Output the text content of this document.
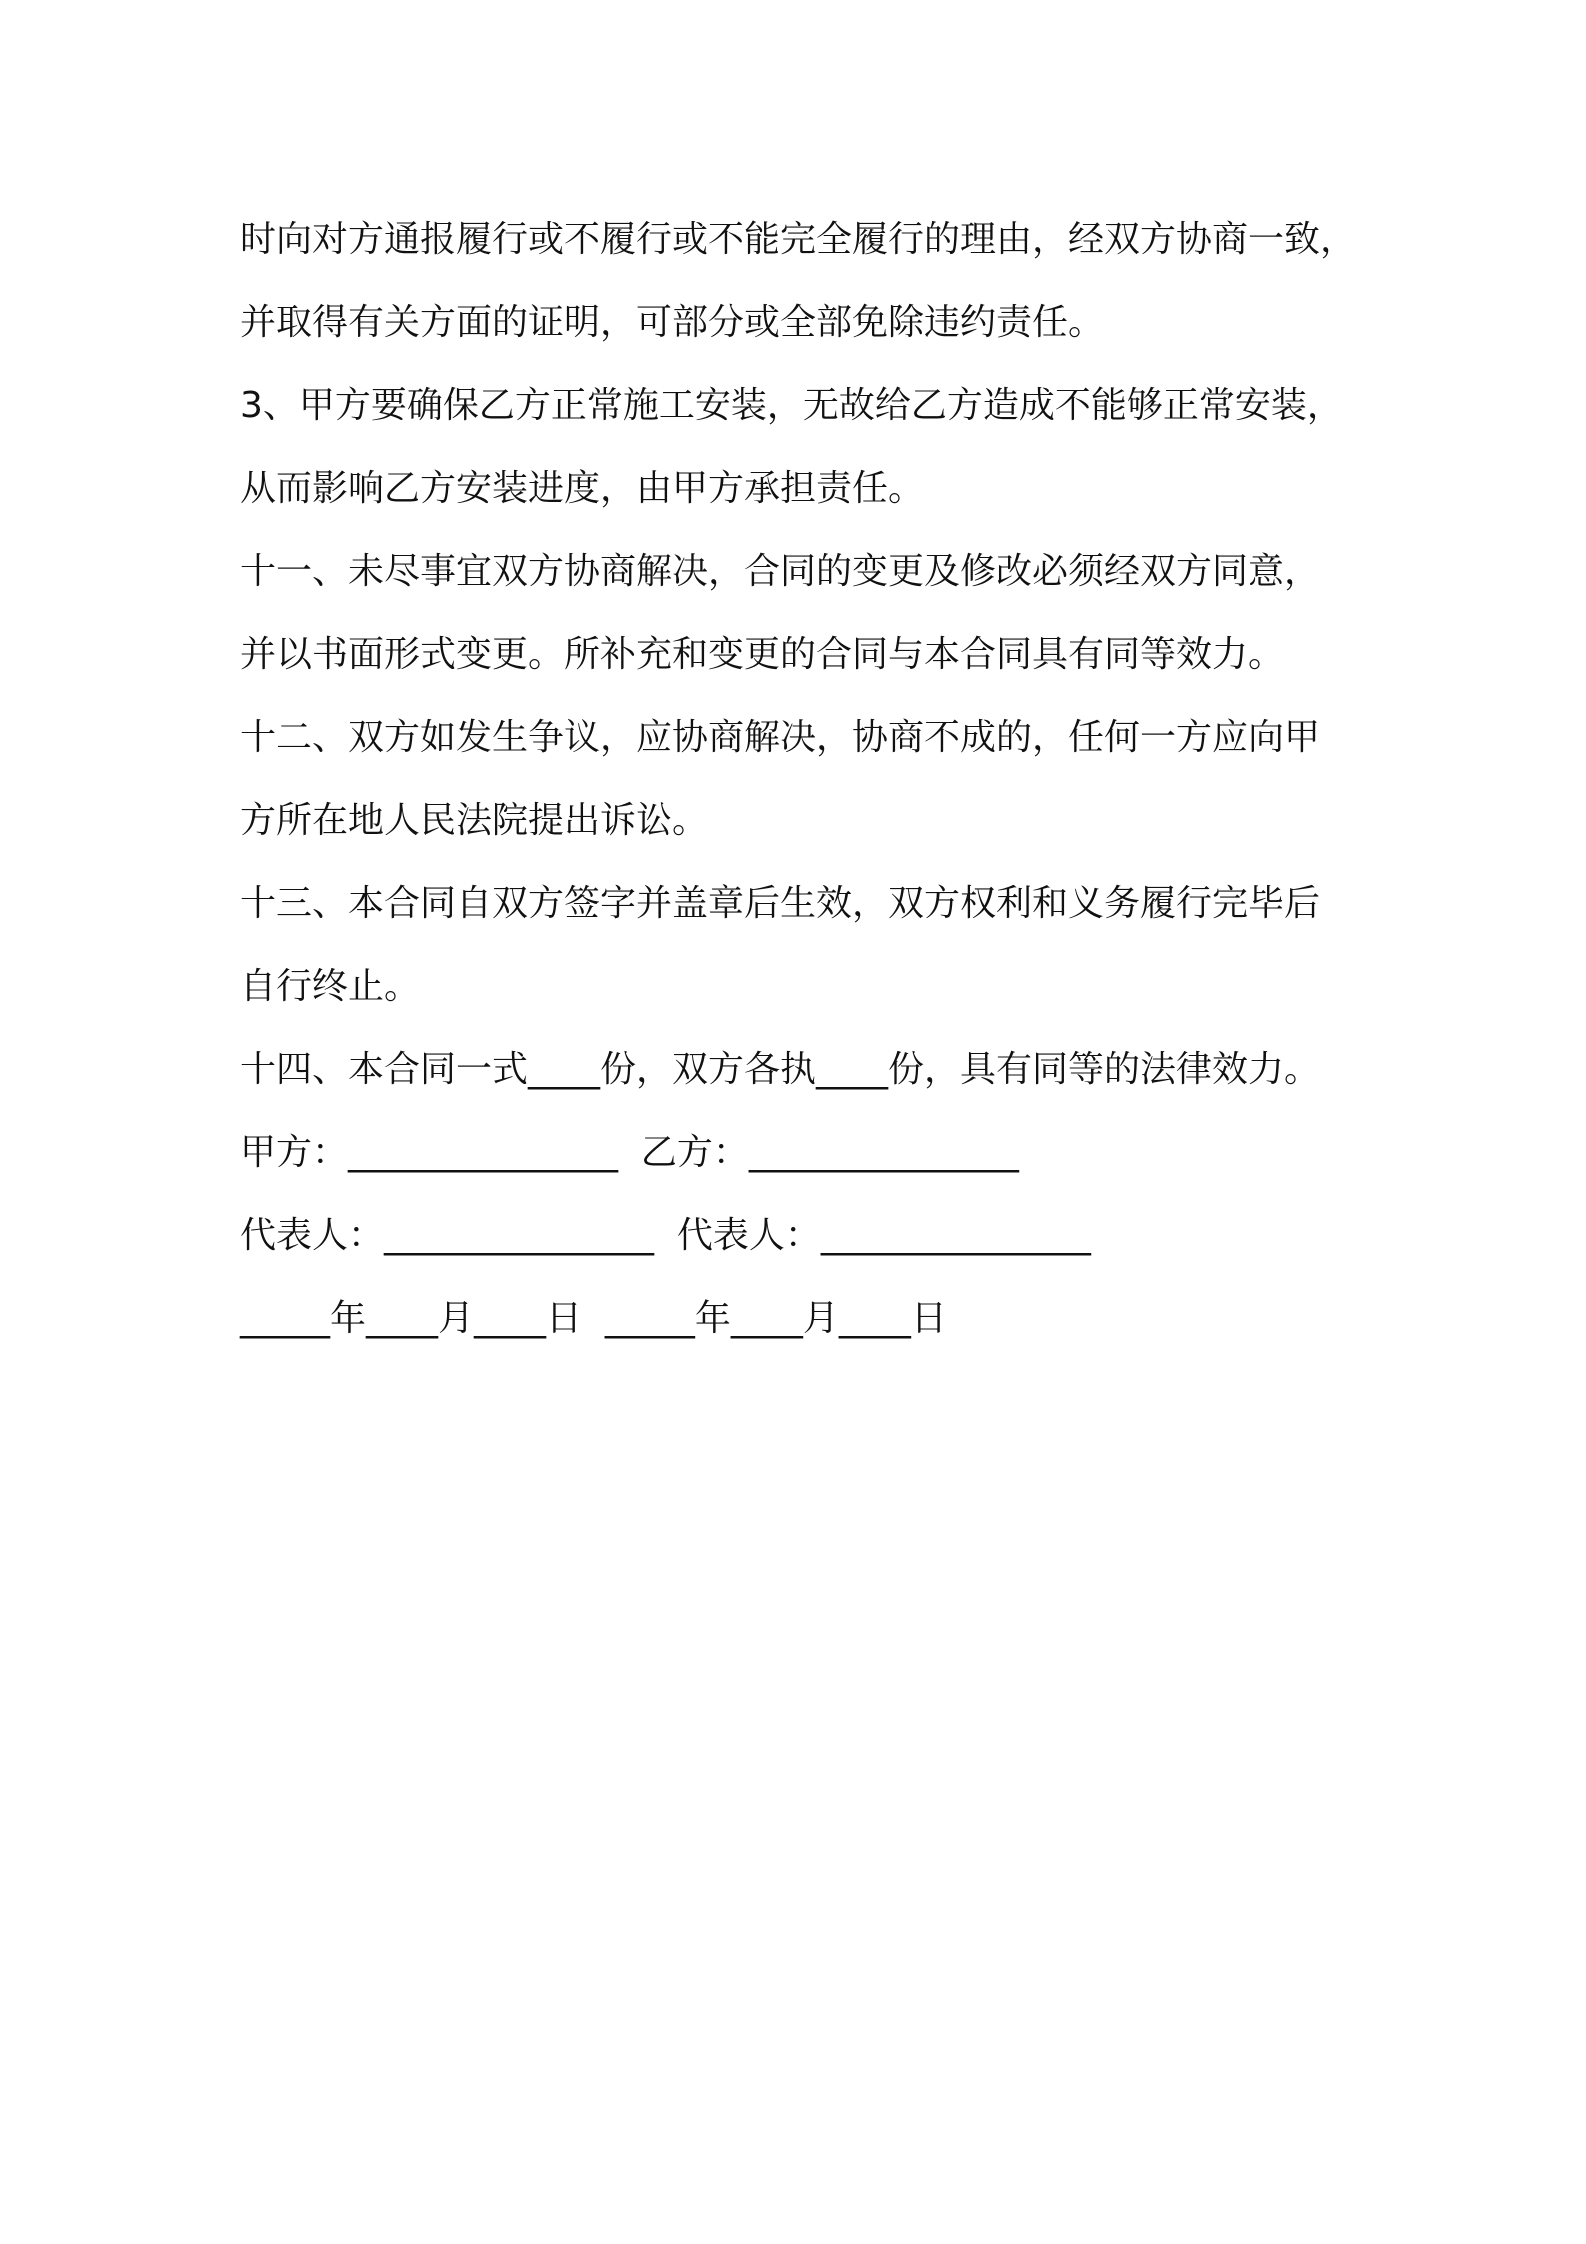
时向对方通报履行或不履行或不能完全履行的理由，经双方协商一致，
并取得有关方面的证明，可部分或全部免除违约责任。
3、甲方要确保乙方正常施工安装，无故给乙方造成不能够正常安装，
从而影响乙方安装进度，由甲方承担责任。
十一、未尽事宜双方协商解决，合同的变更及修改必须经双方同意，
并以书面形式变更。所补充和变更的合同与本合同具有同等效力。
十二、双方如发生争议，应协商解决，协商不成的，任何一方应向甲
方所在地人民法院提出诉讼。
十三、本合同自双方签字并盖章后生效，双方权利和义务履行完毕后
自行终止。
十四、本合同一式____份，双方各执____份，具有同等的法律效力。
甲方：_______________  乙方：_______________
代表人：_______________  代表人：_______________
_____年____月____日  _____年____月____日
